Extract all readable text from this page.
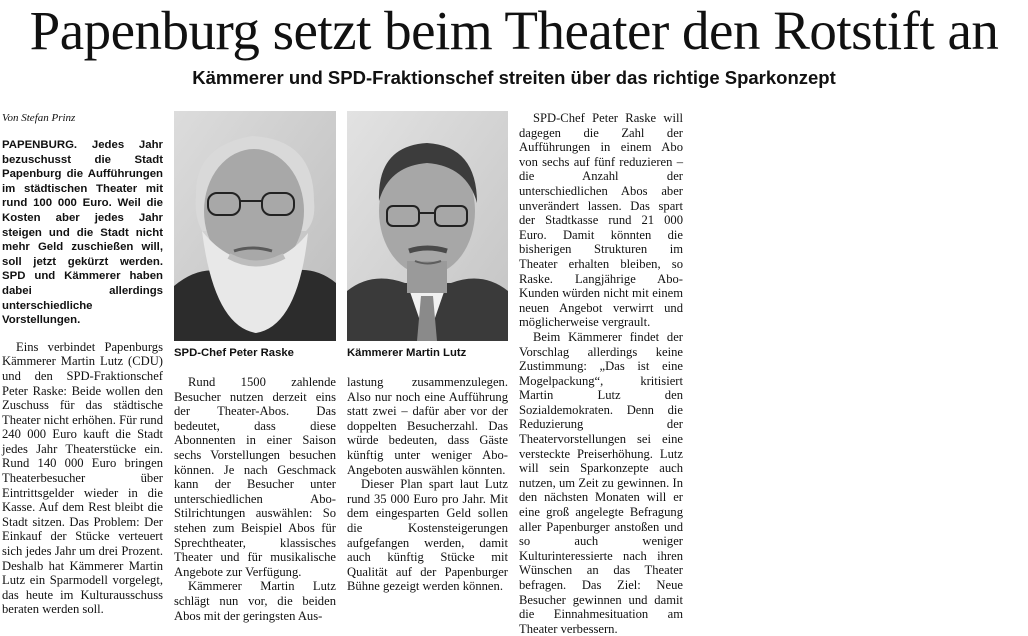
Papenburg setzt beim Theater den Rotstift an
Kämmerer und SPD-Fraktionschef streiten über das richtige Sparkonzept
Von Stefan Prinz

PAPENBURG. Jedes Jahr bezuschusst die Stadt Papenburg die Aufführungen im städtischen Theater mit rund 100 000 Euro. Weil die Kosten aber jedes Jahr steigen und die Stadt nicht mehr Geld zuschießen will, soll jetzt gekürzt werden. SPD und Kämmerer haben dabei allerdings unterschiedliche Vorstellungen.

Eins verbindet Papenburgs Kämmerer Martin Lutz (CDU) und den SPD-Fraktionschef Peter Raske: Beide wollen den Zuschuss für das städtische Theater nicht erhöhen. Für rund 240 000 Euro kauft die Stadt jedes Jahr Theaterstücke ein. Rund 140 000 Euro bringen Theaterbesucher über Eintrittsgelder wieder in die Kasse. Auf dem Rest bleibt die Stadt sitzen. Das Problem: Der Einkauf der Stücke verteuert sich jedes Jahr um drei Prozent. Deshalb hat Kämmerer Martin Lutz ein Sparmodell vorgelegt, das heute im Kulturausschuss beraten werden soll.

SPD-Chef Peter Raske	Kämmerer Martin Lutz

Rund 1500 zahlende Besucher nutzen derzeit eins der Theater-Abos. Das bedeutet, dass diese Abonnenten in einer Saison sechs Vorstellungen besuchen können. Je nach Geschmack kann der Besucher unter unterschiedlichen Abo-Stilrichtungen auswählen: So stehen zum Beispiel Abos für Sprechtheater, klassisches Theater und für musikalische Angebote zur Verfügung.

Kämmerer Martin Lutz schlägt nun vor, die beiden Abos mit der geringsten Aus-

lastung zusammenzulegen. Also nur noch eine Aufführung statt zwei – dafür aber vor der doppelten Besucherzahl. Das würde bedeuten, dass Gäste künftig unter weniger Abo-Angeboten auswählen könnten.

Dieser Plan spart laut Lutz rund 35 000 Euro pro Jahr. Mit dem eingesparten Geld sollen die Kostensteigerungen aufgefangen werden, damit auch künftig Stücke mit Qualität auf der Papenburger Bühne gezeigt werden können.

SPD-Chef Peter Raske will dagegen die Zahl der Aufführungen in einem Abo von sechs auf fünf reduzieren – die Anzahl der unterschiedlichen Abos aber unverändert lassen. Das spart der Stadtkasse rund 21 000 Euro. Damit könnten die bisherigen Strukturen im Theater erhalten bleiben, so Raske. Langjährige Abo-Kunden würden nicht mit einem neuen Angebot verwirrt und möglicherweise vergrault.

Beim Kämmerer findet der Vorschlag allerdings keine Zustimmung: „Das ist eine Mogelpackung“, kritisiert Martin Lutz den Sozialdemokraten. Denn die Reduzierung der Theatervorstellungen sei eine versteckte Preiserhöhung. Lutz will sein Sparkonzepte auch nutzen, um Zeit zu gewinnen. In den nächsten Monaten will er eine groß angelegte Befragung aller Papenburger anstoßen und so auch weniger Kulturinteressierte nach ihren Wünschen an das Theater befragen. Das Ziel: Neue Besucher gewinnen und damit die Einnahmesituation am Theater verbessern.
